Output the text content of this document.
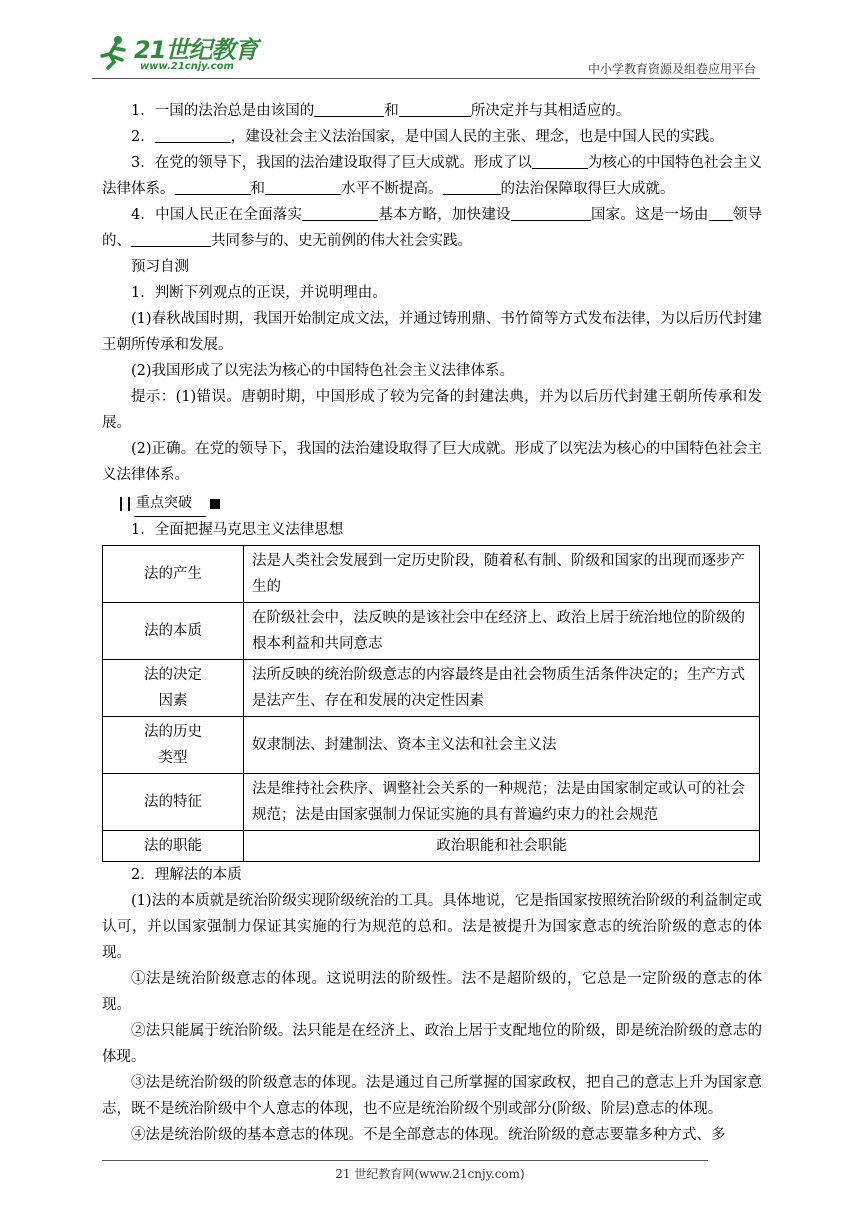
21世纪教育
www.21cnjy.com	中小学教育资源及组卷应用平台

1．一国的法治总是由该国的	和	所决定并与其相适应的。

2．	，建设社会主义法治国家，是中国人民的主张、理念，也是中国人民的实践。

3．在党的领导下，我国的法治建设取得了巨大成就。形成了以	为核心的中国特色社会主义法律体系。	和	水平不断提高。	的法治保障取得巨大成就。

4．中国人民正在全面落实	基本方略，加快建设	国家。这是一场由 领导的、	共同参与的、史无前例的伟大社会实践。

预习自测

1．判断下列观点的正误，并说明理由。

(1)春秋战国时期，我国开始制定成文法，并通过铸刑鼎、书竹简等方式发布法律，为以后历代封建王朝所传承和发展。

(2)我国形成了以宪法为核心的中国特色社会主义法律体系。

提示：(1)错误。唐朝时期，中国形成了较为完备的封建法典，并为以后历代封建王朝所传承和发展。

(2)正确。在党的领导下，我国的法治建设取得了巨大成就。形成了以宪法为核心的中国特色社会主义法律体系。

重点突破

1．全面把握马克思主义法律思想

法的产生	法是人类社会发展到一定历史阶段，随着私有制、阶级和国家的出现而逐步产生的
法的本质	在阶级社会中，法反映的是该社会中在经济上、政治上居于统治地位的阶级的根本利益和共同意志
法的决定
因素	法所反映的统治阶级意志的内容最终是由社会物质生活条件决定的；生产方式是法产生、存在和发展的决定性因素
法的历史
类型	奴隶制法、封建制法、资本主义法和社会主义法
法的特征	法是维持社会秩序、调整社会关系的一种规范；法是由国家制定或认可的社会规范；法是由国家强制力保证实施的具有普遍约束力的社会规范
法的职能	政治职能和社会职能

2．理解法的本质

(1)法的本质就是统治阶级实现阶级统治的工具。具体地说，它是指国家按照统治阶级的利益制定或认可，并以国家强制力保证其实施的行为规范的总和。法是被提升为国家意志的统治阶级的意志的体现。

①法是统治阶级意志的体现。这说明法的阶级性。法不是超阶级的，它总是一定阶级的意志的体现。

②法只能属于统治阶级。法只能是在经济上、政治上居于支配地位的阶级，即是统治阶级的意志的体现。

③法是统治阶级的阶级意志的体现。法是通过自己所掌握的国家政权，把自己的意志上升为国家意志，既不是统治阶级中个人意志的体现，也不应是统治阶级个别或部分(阶级、阶层)意志的体现。

④法是统治阶级的基本意志的体现。不是全部意志的体现。统治阶级的意志要靠多种方式、多

21 世纪教育网(www.21cnjy.com)
